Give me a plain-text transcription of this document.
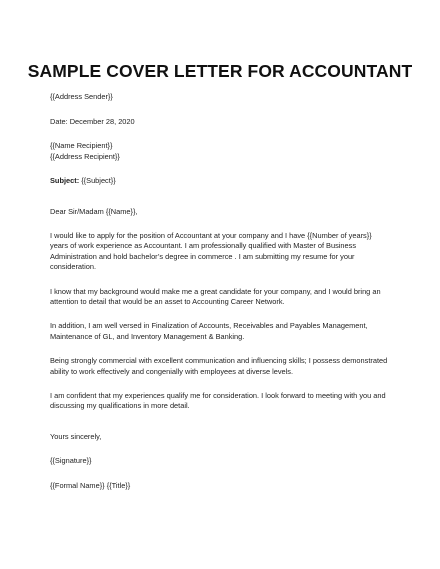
SAMPLE COVER LETTER FOR ACCOUNTANT
{{Address Sender}}
Date: December 28, 2020
{{Name Recipient}}
{{Address Recipient}}
Subject: {{Subject}}
Dear Sir/Madam {{Name}},
I would like to apply for the position of Accountant at your company and I have {{Number of years}}
years of work experience as Accountant. I am professionally qualified with Master of Business
Administration and hold bachelor’s degree in commerce . I am submitting my resume for your
consideration.
I know that my background would make me a great candidate for your company, and I would bring an
attention to detail that would be an asset to Accounting Career Network.
In addition, I am well versed in Finalization of Accounts, Receivables and Payables Management,
Maintenance of GL, and Inventory Management & Banking.
Being strongly commercial with excellent communication and influencing skills; I possess demonstrated
ability to work effectively and congenially with employees at diverse levels.
I am confident that my experiences qualify me for consideration. I look forward to meeting with you and
discussing my qualifications in more detail.
Yours sincerely,
{{Signature}}
{{Formal Name}} {{Title}}
